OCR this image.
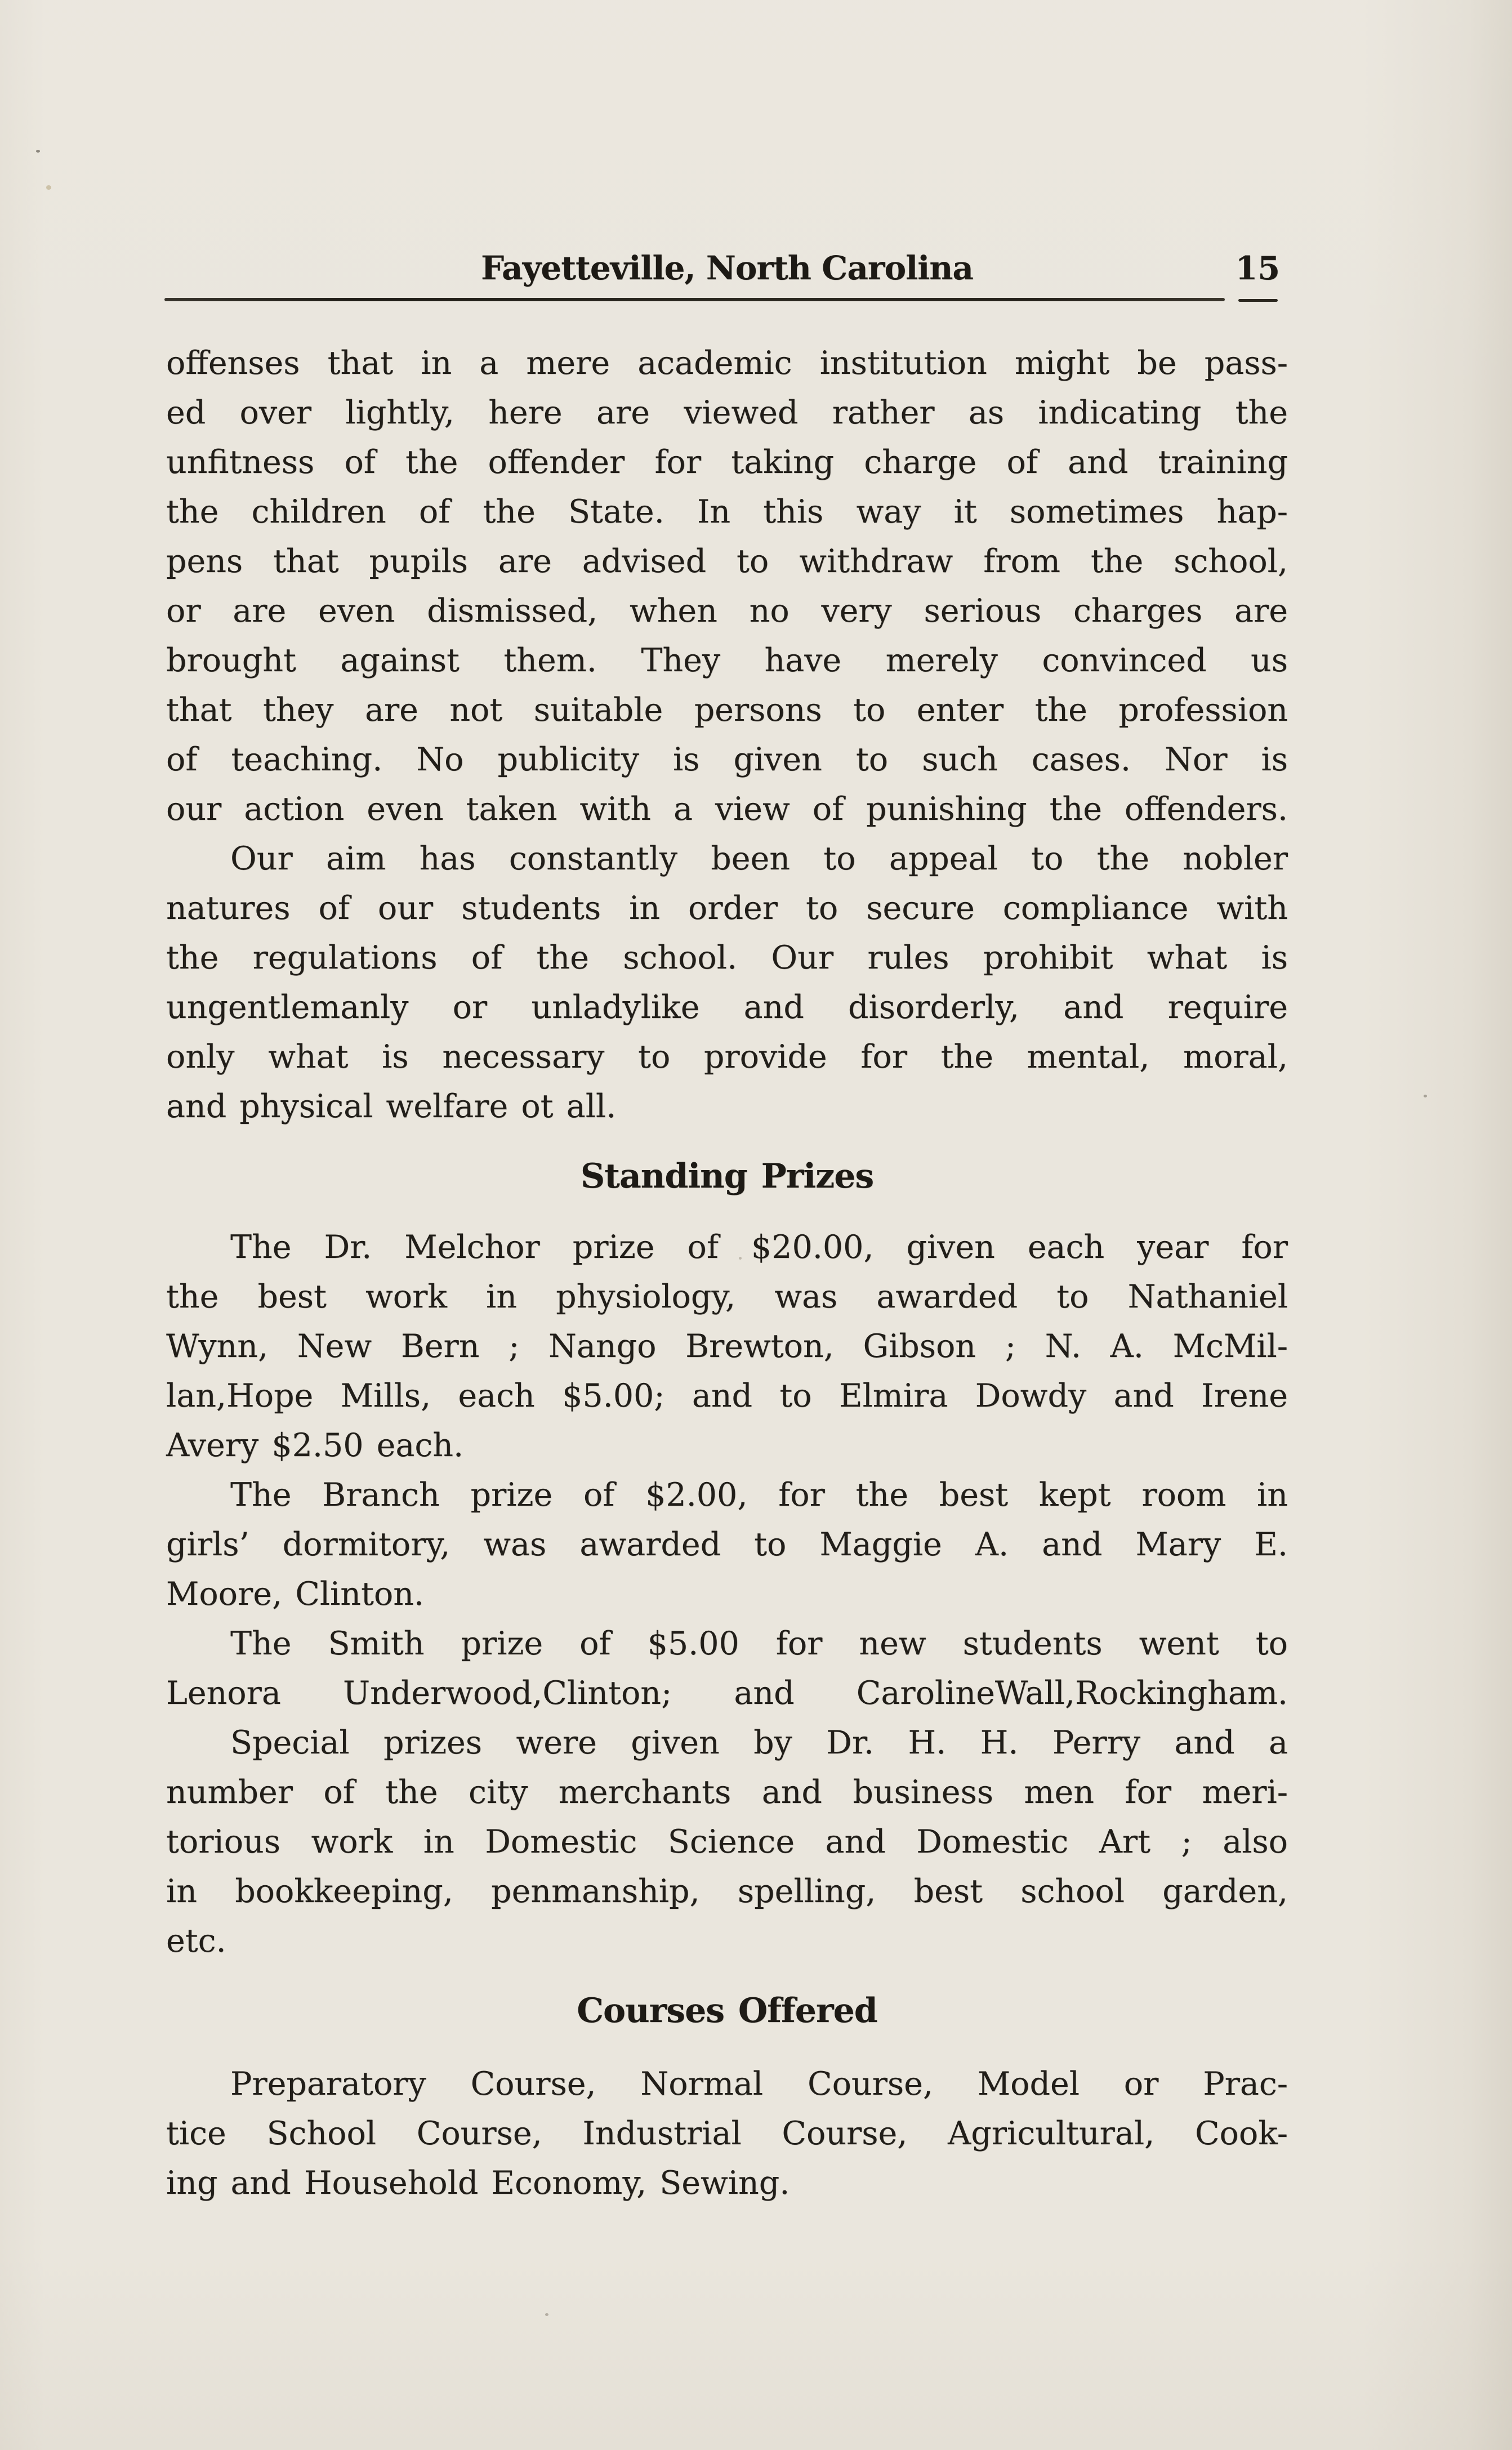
Fayetteville, North Carolina	15
offenses that in a mere academic institution might be pass-
ed over lightly, here are viewed rather as indicating the
unfitness of the offender for taking charge of and training
the children of the State. In this way it sometimes hap-
pens that pupils are advised to withdraw from the school,
or are even dismissed, when no very serious charges are
brought against them. They have merely convinced us
that they are not suitable persons to enter the profession
of teaching. No publicity is given to such cases. Nor is
our action even taken with a view of punishing the offenders.
Our aim has constantly been to appeal to the nobler
natures of our students in order to secure compliance with
the regulations of the school. Our rules prohibit what is
ungentlemanly or unladylike and disorderly, and require
only what is necessary to provide for the mental, moral,
and physical welfare ot all.
Standing Prizes
The Dr. Melchor prize of $20.00, given each year for
the best work in physiology, was awarded to Nathaniel
Wynn, New Bern ; Nango Brewton, Gibson ; N. A. McMil-
lan,Hope Mills, each $5.00; and to Elmira Dowdy and Irene
Avery $2.50 each.
The Branch prize of $2.00, for the best kept room in
girls’ dormitory, was awarded to Maggie A. and Mary E.
Moore, Clinton.
The Smith prize of $5.00 for new students went to
Lenora Underwood,Clinton; and CarolineWall,Rockingham.
Special prizes were given by Dr. H. H. Perry and a
number of the city merchants and business men for meri-
torious work in Domestic Science and Domestic Art ; also
in bookkeeping, penmanship, spelling, best school garden,
etc.
Courses Offered
Preparatory Course, Normal Course, Model or Prac-
tice School Course, Industrial Course, Agricultural, Cook-
ing and Household Economy, Sewing.
